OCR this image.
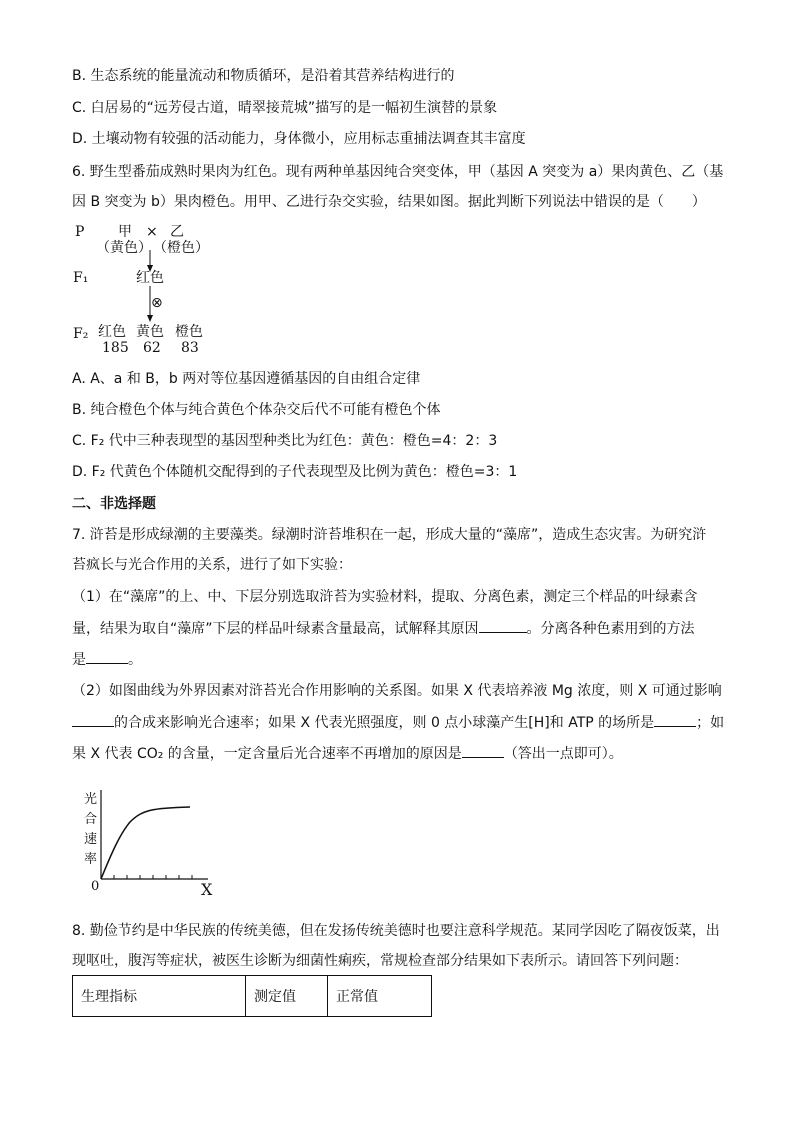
B. 生态系统的能量流动和物质循环，是沿着其营养结构进行的
C. 白居易的“远芳侵古道，晴翠接荒城”描写的是一幅初生演替的景象
D. 土壤动物有较强的活动能力，身体微小，应用标志重捕法调查其丰富度
6. 野生型番茄成熟时果肉为红色。现有两种单基因纯合突变体，甲（基因 A 突变为 a）果肉黄色、乙（基
因 B 突变为 b）果肉橙色。用甲、乙进行杂交实验，结果如图。据此判断下列说法中错误的是（　　）
P 甲 × 乙
（黄色） （橙色）
F₁	红色
⊗
F₂ 红色 黄色 橙色
185 62 83
A. A、a 和 B，b 两对等位基因遵循基因的自由组合定律
B. 纯合橙色个体与纯合黄色个体杂交后代不可能有橙色个体
C. F₂ 代中三种表现型的基因型种类比为红色：黄色：橙色=4：2：3
D. F₂ 代黄色个体随机交配得到的子代表现型及比例为黄色：橙色=3：1
二、非选择题
7. 浒苔是形成绿潮的主要藻类。绿潮时浒苔堆积在一起，形成大量的“藻席”，造成生态灾害。为研究浒
苔疯长与光合作用的关系，进行了如下实验：
（1）在“藻席”的上、中、下层分别选取浒苔为实验材料，提取、分离色素，测定三个样品的叶绿素含
量，结果为取自“藻席”下层的样品叶绿素含量最高，试解释其原因	。分离各种色素用到的方法
是	。
（2）如图曲线为外界因素对浒苔光合作用影响的关系图。如果 X 代表培养液 Mg 浓度，则 X 可通过影响
的合成来影响光合速率；如果 X 代表光照强度，则 0 点小球藻产生[H]和 ATP 的场所是	；如
果 X 代表 CO₂ 的含量，一定含量后光合速率不再增加的原因是	（答出一点即可）。
光
合
速
率
0	X
8. 勤俭节约是中华民族的传统美德，但在发扬传统美德时也要注意科学规范。某同学因吃了隔夜饭菜，出
现呕吐，腹泻等症状，被医生诊断为细菌性痢疾，常规检查部分结果如下表所示。请回答下列问题：
生理指标	测定值	正常值
